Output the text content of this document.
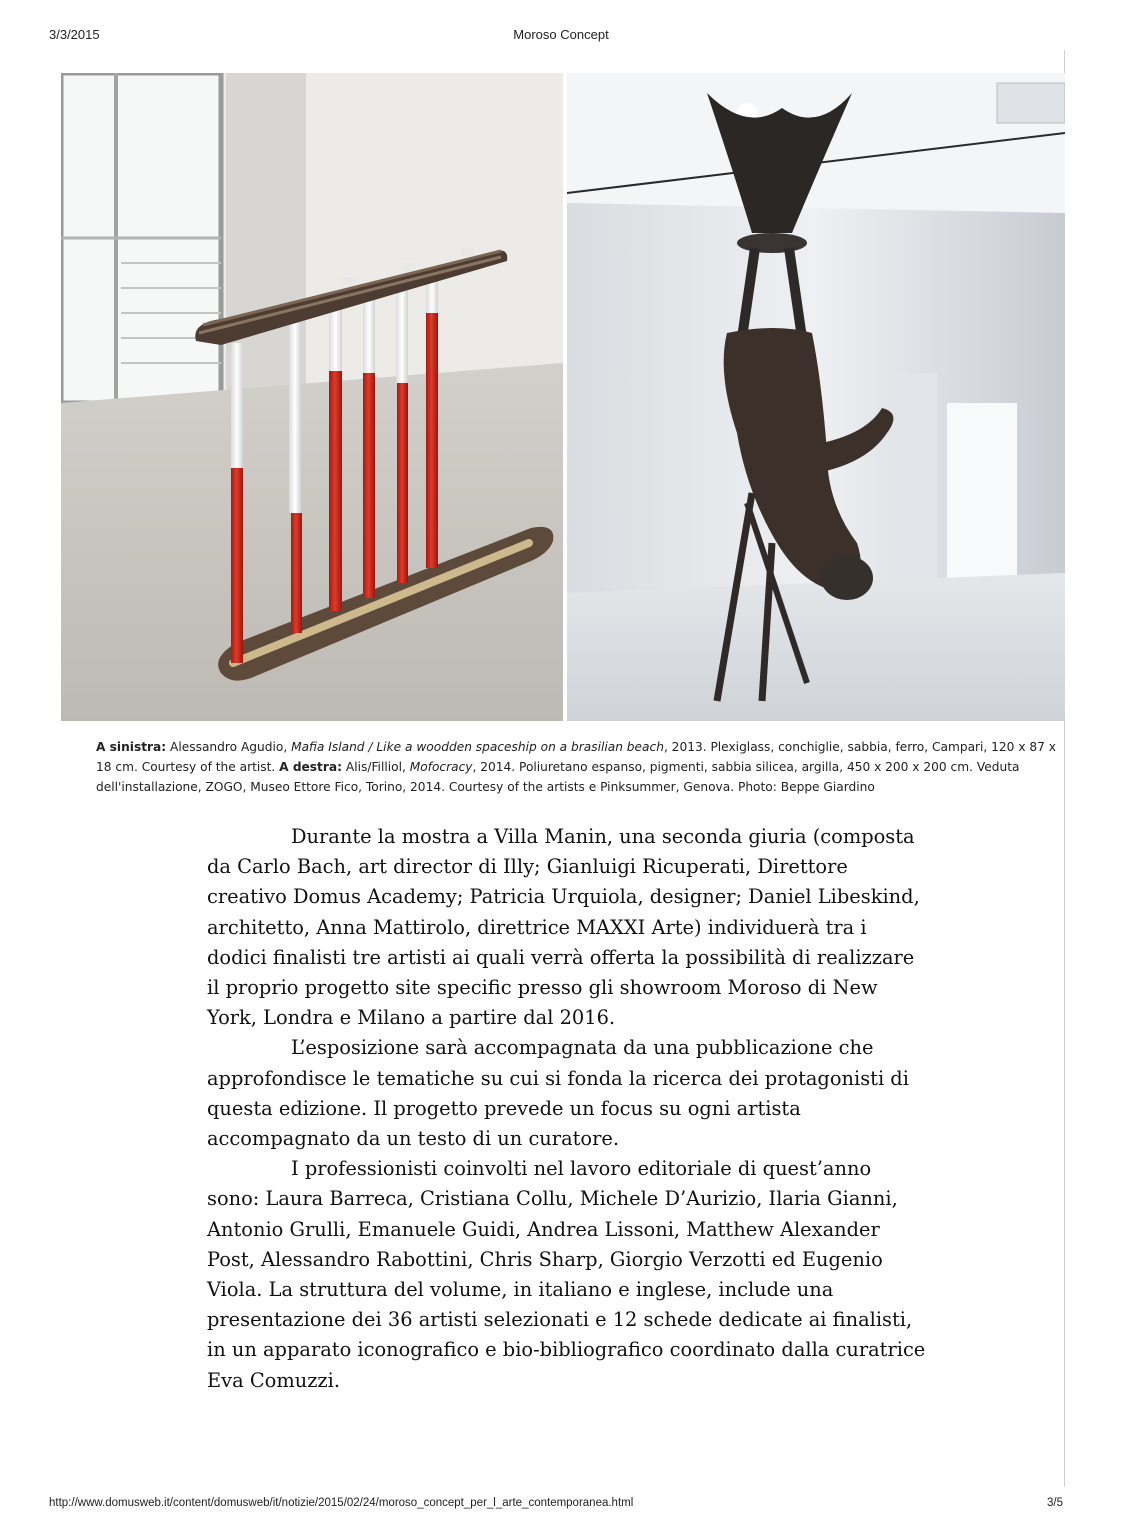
3/3/2015	Moroso Concept
A sinistra: Alessandro Agudio, Mafia Island / Like a woodden spaceship on a brasilian beach, 2013. Plexiglass, conchiglie, sabbia, ferro, Campari, 120 x 87 x 18 cm. Courtesy of the artist. A destra: Alis/Filliol, Mofocracy, 2014. Poliuretano espanso, pigmenti, sabbia silicea, argilla, 450 x 200 x 200 cm. Veduta dell'installazione, ZOGO, Museo Ettore Fico, Torino, 2014. Courtesy of the artists e Pinksummer, Genova. Photo: Beppe Giardino

Durante la mostra a Villa Manin, una seconda giuria (composta da Carlo Bach, art director di Illy; Gianluigi Ricuperati, Direttore creativo Domus Academy; Patricia Urquiola, designer; Daniel Libeskind, architetto, Anna Mattirolo, direttrice MAXXI Arte) individuerà tra i dodici finalisti tre artisti ai quali verrà offerta la possibilità di realizzare il proprio progetto site specific presso gli showroom Moroso di New York, Londra e Milano a partire dal 2016.

L’esposizione sarà accompagnata da una pubblicazione che approfondisce le tematiche su cui si fonda la ricerca dei protagonisti di questa edizione. Il progetto prevede un focus su ogni artista accompagnato da un testo di un curatore.

I professionisti coinvolti nel lavoro editoriale di quest’anno sono: Laura Barreca, Cristiana Collu, Michele D’Aurizio, Ilaria Gianni, Antonio Grulli, Emanuele Guidi, Andrea Lissoni, Matthew Alexander Post, Alessandro Rabottini, Chris Sharp, Giorgio Verzotti ed Eugenio Viola. La struttura del volume, in italiano e inglese, include una presentazione dei 36 artisti selezionati e 12 schede dedicate ai finalisti, in un apparato iconografico e bio-bibliografico coordinato dalla curatrice Eva Comuzzi.

http://www.domusweb.it/content/domusweb/it/notizie/2015/02/24/moroso_concept_per_l_arte_contemporanea.html	3/5
